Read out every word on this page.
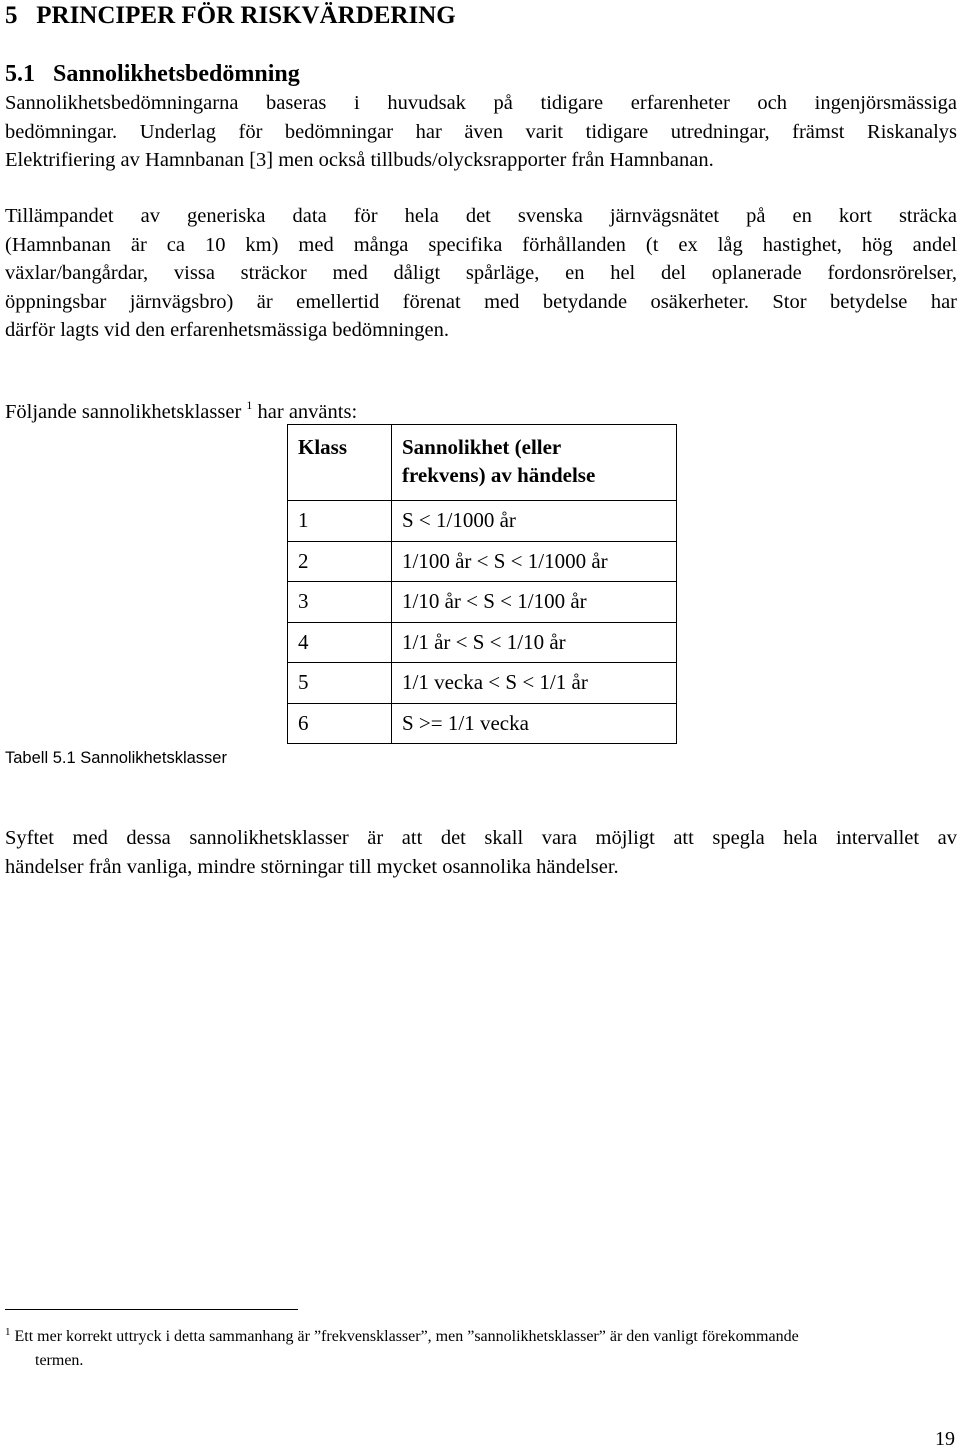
5 PRINCIPER FÖR RISKVÄRDERING
5.1 Sannolikhetsbedömning
Sannolikhetsbedömningarna baseras i huvudsak på tidigare erfarenheter och ingenjörsmässiga
bedömningar. Underlag för bedömningar har även varit tidigare utredningar, främst Riskanalys
Elektrifiering av Hamnbanan [3] men också tillbuds/olycksrapporter från Hamnbanan.
Tillämpandet av generiska data för hela det svenska järnvägsnätet på en kort sträcka
(Hamnbanan är ca 10 km) med många specifika förhållanden (t ex låg hastighet, hög andel
växlar/bangårdar, vissa sträckor med dåligt spårläge, en hel del oplanerade fordonsrörelser,
öppningsbar järnvägsbro) är emellertid förenat med betydande osäkerheter. Stor betydelse har
därför lagts vid den erfarenhetsmässiga bedömningen.
Följande sannolikhetsklasser $^1$ har använts:
Klass	Sannolikhet (eller
frekvens) av händelse
1	S < 1/1000 år
2	1/100 år < S < 1/1000 år
3	1/10 år < S < 1/100 år
4	1/1 år < S < 1/10 år
5	1/1 vecka < S < 1/1 år
6	S >= 1/1 vecka
Tabell 5.1 Sannolikhetsklasser
Syftet med dessa sannolikhetsklasser är att det skall vara möjligt att spegla hela intervallet av
händelser från vanliga, mindre störningar till mycket osannolika händelser.
$^1$ Ett mer korrekt uttryck i detta sammanhang är ”frekvensklasser”, men ”sannolikhetsklasser” är den vanligt förekommande
termen.
19
